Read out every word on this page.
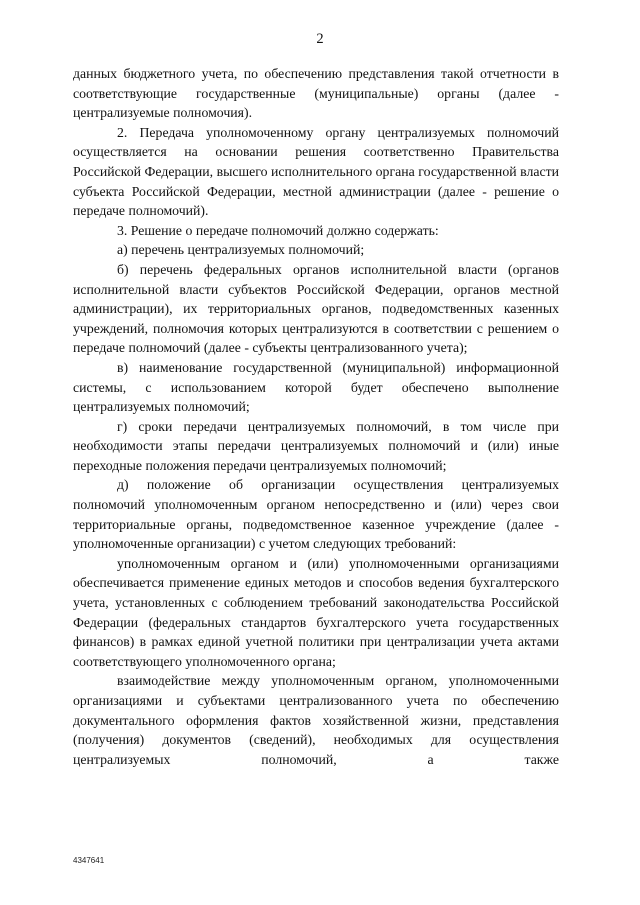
2

данных бюджетного учета, по обеспечению представления такой отчетности в соответствующие государственные (муниципальные) органы (далее - централизуемые полномочия).

2. Передача уполномоченному органу централизуемых полномочий осуществляется на основании решения соответственно Правительства Российской Федерации, высшего исполнительного органа государственной власти субъекта Российской Федерации, местной администрации (далее - решение о передаче полномочий).

3. Решение о передаче полномочий должно содержать:

а) перечень централизуемых полномочий;

б) перечень федеральных органов исполнительной власти (органов исполнительной власти субъектов Российской Федерации, органов местной администрации), их территориальных органов, подведомственных казенных учреждений, полномочия которых централизуются в соответствии с решением о передаче полномочий (далее - субъекты централизованного учета);

в) наименование государственной (муниципальной) информационной системы, с использованием которой будет обеспечено выполнение централизуемых полномочий;

г) сроки передачи централизуемых полномочий, в том числе при необходимости этапы передачи централизуемых полномочий и (или) иные переходные положения передачи централизуемых полномочий;

д) положение об организации осуществления централизуемых полномочий уполномоченным органом непосредственно и (или) через свои территориальные органы, подведомственное казенное учреждение (далее - уполномоченные организации) с учетом следующих требований:

уполномоченным органом и (или) уполномоченными организациями обеспечивается применение единых методов и способов ведения бухгалтерского учета, установленных с соблюдением требований законодательства Российской Федерации (федеральных стандартов бухгалтерского учета государственных финансов) в рамках единой учетной политики при централизации учета актами соответствующего уполномоченного органа;

взаимодействие между уполномоченным органом, уполномоченными организациями и субъектами централизованного учета по обеспечению документального оформления фактов хозяйственной жизни, представления (получения) документов (сведений), необходимых для осуществления централизуемых полномочий, а также

4347641
